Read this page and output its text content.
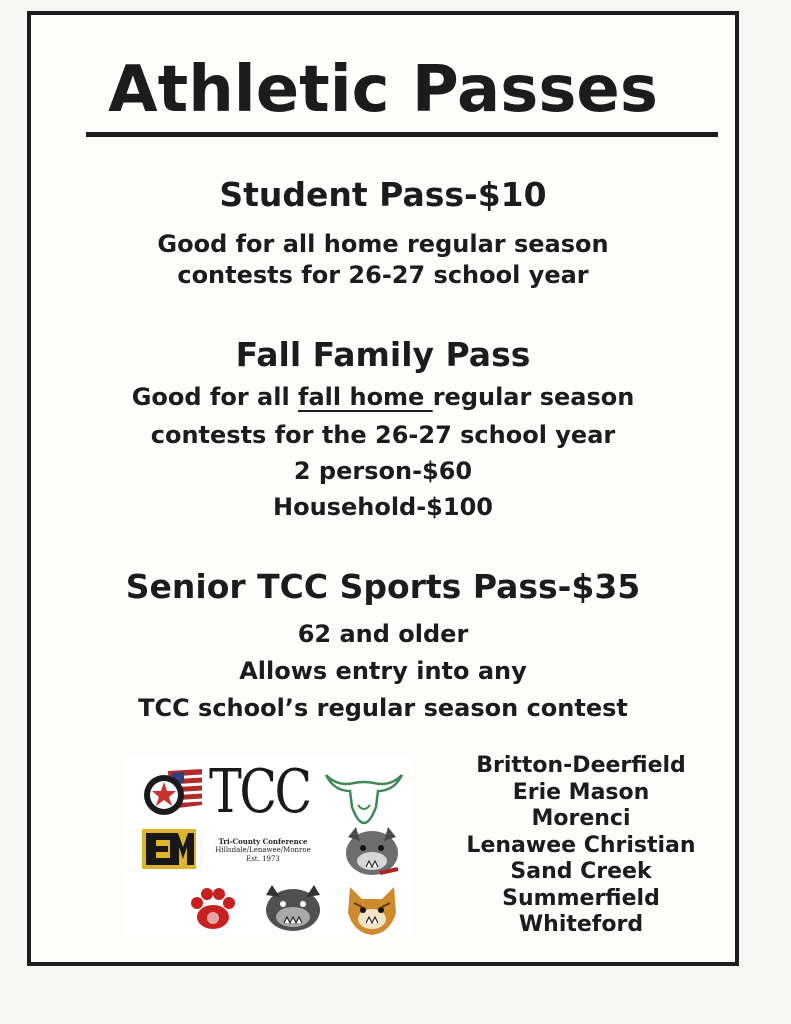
Athletic Passes
Student Pass-$10
Good for all home regular season
contests for 26-27 school year
Fall Family Pass
Good for all fall home regular season
contests for the 26-27 school year
2 person-$60
Household-$100
Senior TCC Sports Pass-$35
62 and older
Allows entry into any
TCC school’s regular season contest
TCC
Tri-County Conference
Hillsdale/Lenawee/Monroe
Est. 1973
Britton-Deerfield
Erie Mason
Morenci
Lenawee Christian
Sand Creek
Summerfield
Whiteford
